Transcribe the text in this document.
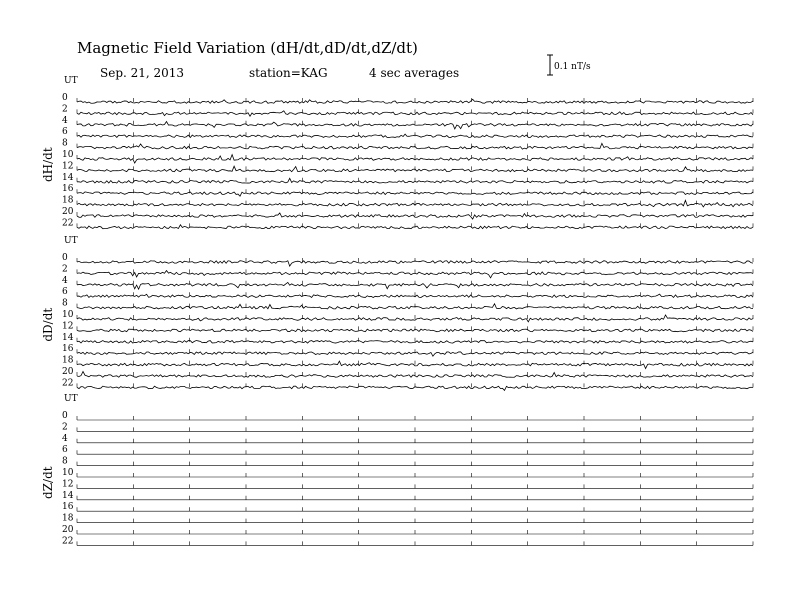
Magnetic Field Variation (dH/dt,dD/dt,dZ/dt)
Sep. 21, 2013	station=KAG	4 sec averages	0.1 nT/s
UT
dH/dt
0
2
4
6
8
10
12
14
16
18
20
22
UT
dD/dt
0
2
4
6
8
10
12
14
16
18
20
22
UT
dZ/dt
0
2
4
6
8
10
12
14
16
18
20
22
